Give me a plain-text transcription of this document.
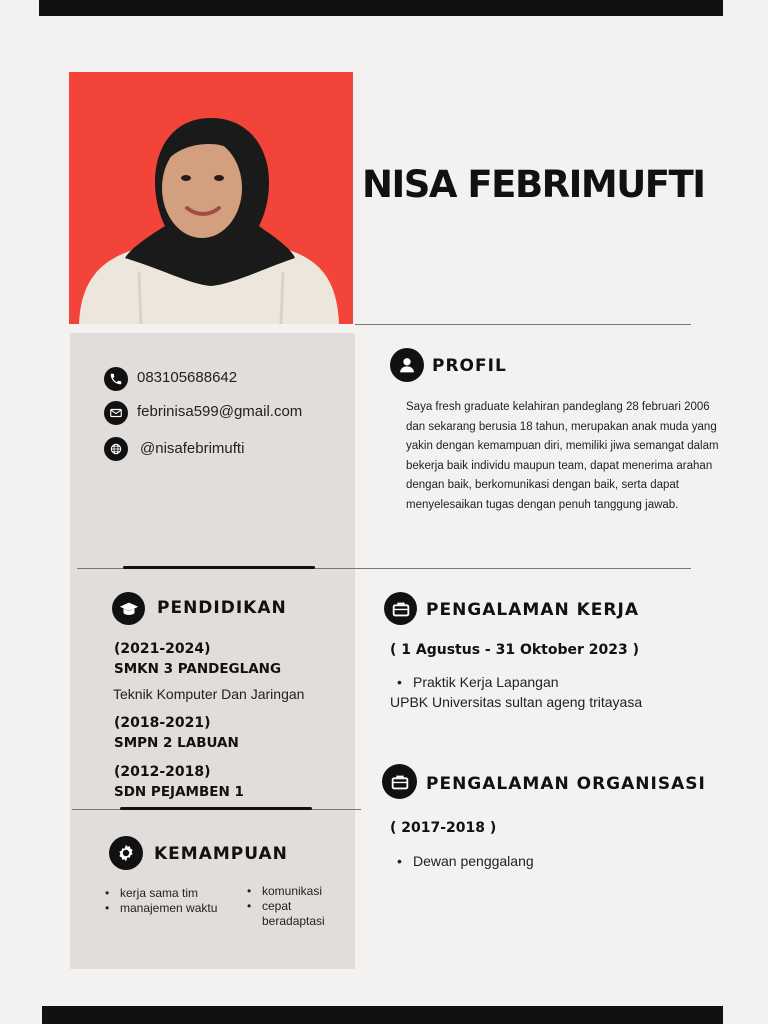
NISA FEBRIMUFTI
083105688642
febrinisa599@gmail.com
@nisafebrimufti
PROFIL
Saya fresh graduate kelahiran pandeglang 28 februari 2006 dan sekarang berusia 18 tahun, merupakan anak muda yang yakin dengan kemampuan diri, memiliki jiwa semangat dalam bekerja baik individu maupun team, dapat menerima arahan dengan baik, berkomunikasi dengan baik, serta dapat menyelesaikan tugas dengan penuh tanggung jawab.
PENDIDIKAN
(2021-2024)
SMKN 3 PANDEGLANG
Teknik Komputer Dan Jaringan
(2018-2021)
SMPN 2 LABUAN
(2012-2018)
SDN PEJAMBEN 1
PENGALAMAN KERJA
( 1 Agustus - 31 Oktober 2023 )
• Praktik Kerja Lapangan
UPBK Universitas sultan ageng tritayasa
PENGALAMAN ORGANISASI
( 2017-2018 )
• Dewan penggalang
KEMAMPUAN
• kerja sama tim
• manajemen waktu
• komunikasi
• cepat
beradaptasi
